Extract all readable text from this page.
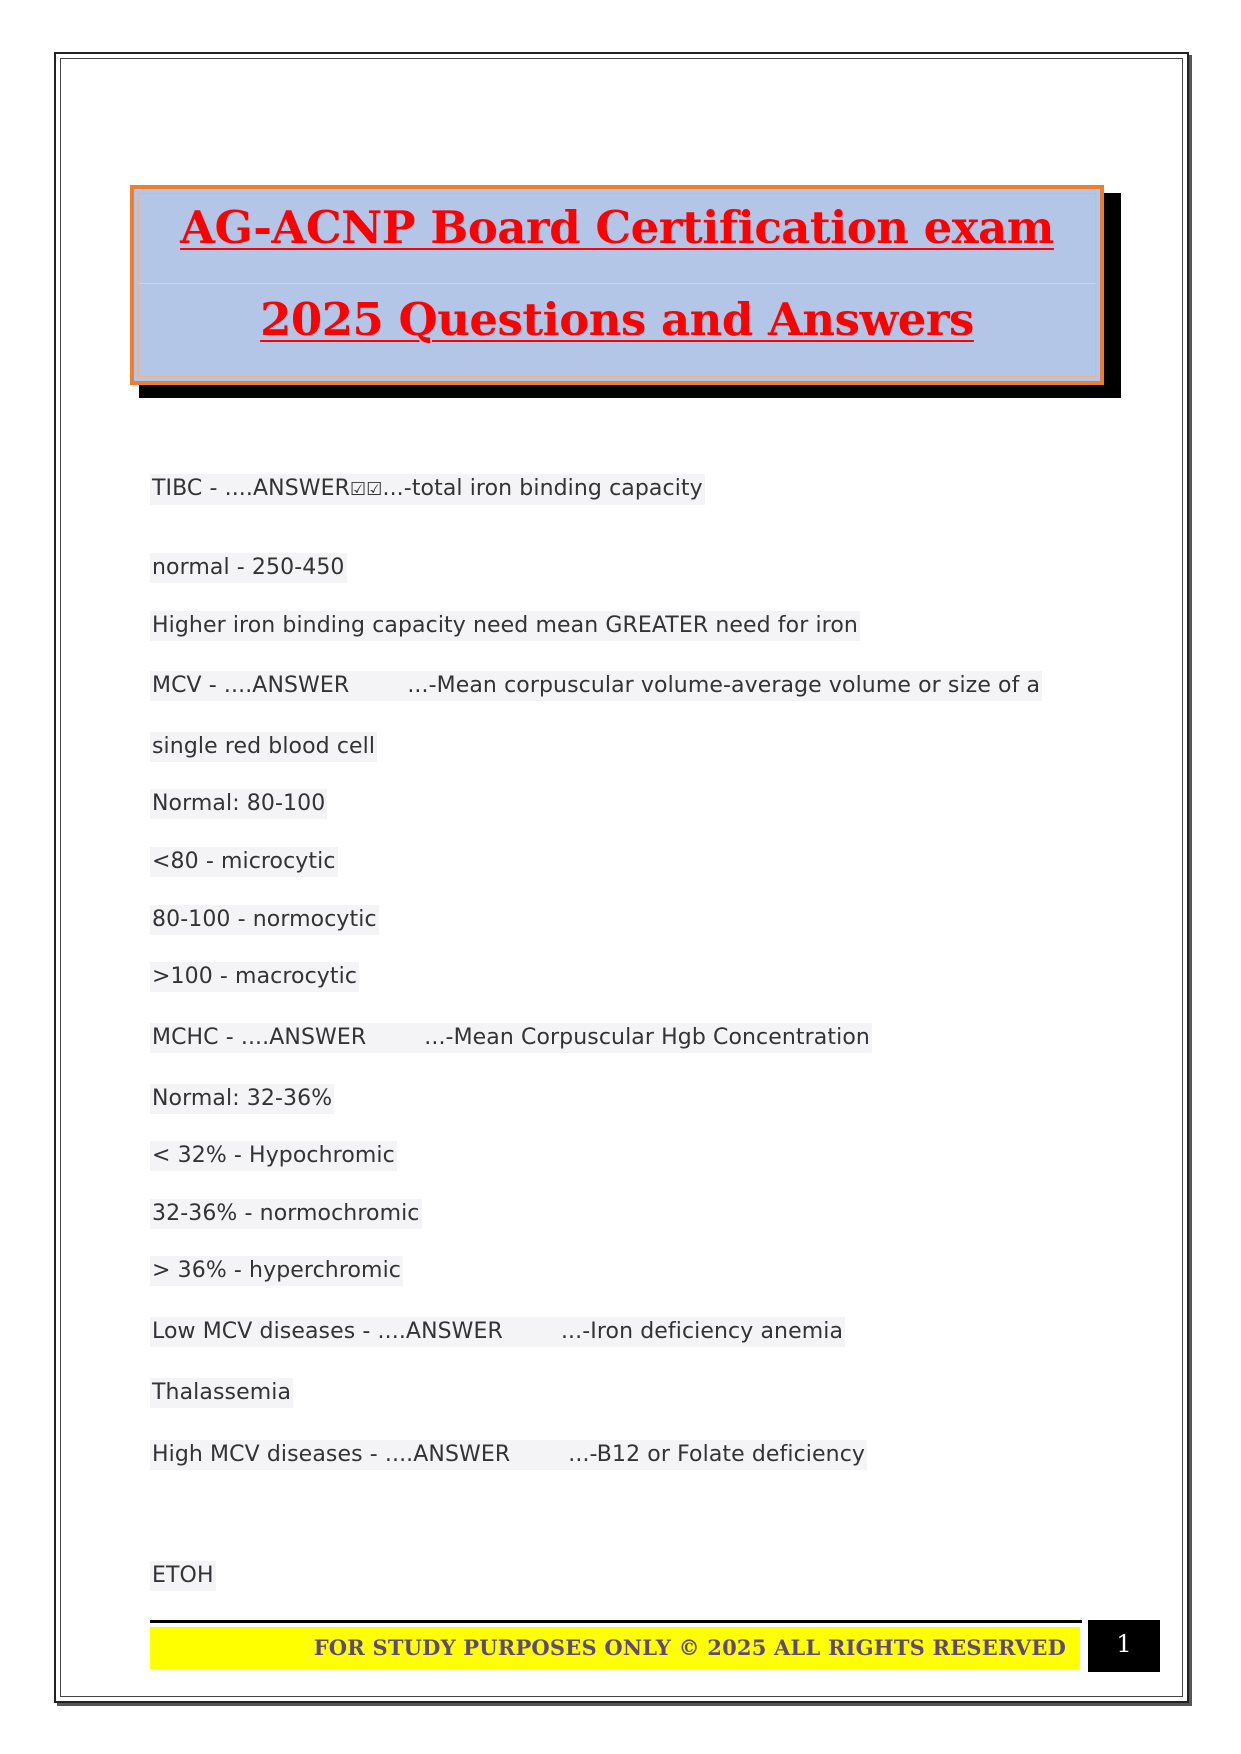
AG-ACNP Board Certification exam
2025 Questions and Answers
TIBC - ....ANSWER☑☑...-total iron binding capacity
normal - 250-450
Higher iron binding capacity need mean GREATER need for iron
MCV - ....ANSWER	...-Mean corpuscular volume-average volume or size of a
single red blood cell
Normal: 80-100
<80 - microcytic
80-100 - normocytic
>100 - macrocytic
MCHC - ....ANSWER	...-Mean Corpuscular Hgb Concentration
Normal: 32-36%
< 32% - Hypochromic
32-36% - normochromic
> 36% - hyperchromic
Low MCV diseases - ....ANSWER	...-Iron deficiency anemia
Thalassemia
High MCV diseases - ....ANSWER	...-B12 or Folate deficiency
ETOH
FOR STUDY PURPOSES ONLY © 2025 ALL RIGHTS RESERVED	1
